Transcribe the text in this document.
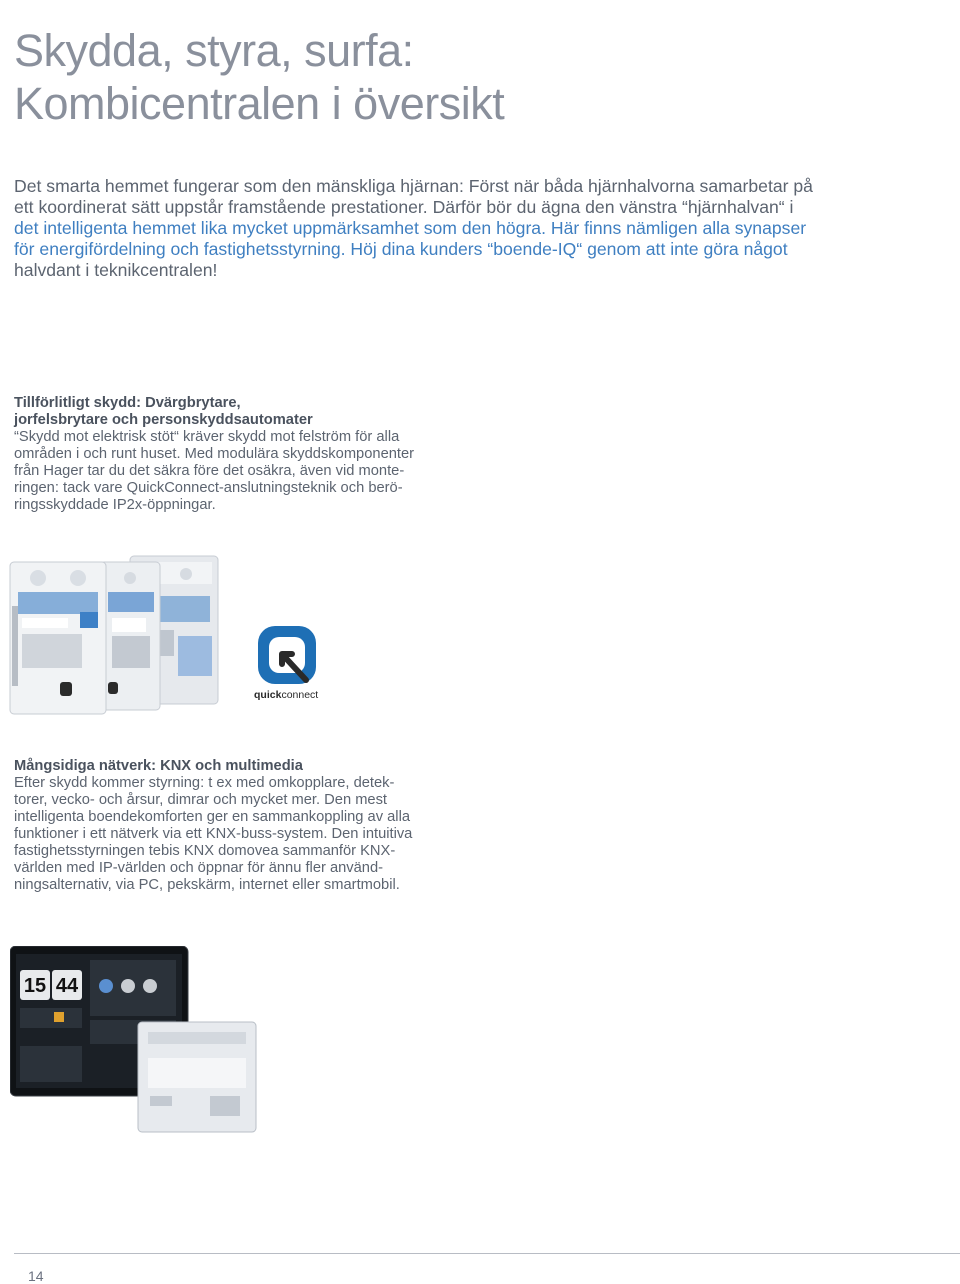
Skydda, styra, surfa:
Kombicentralen i översikt
Det smarta hemmet fungerar som den mänskliga hjärnan: Först när båda hjärnhalvorna samarbetar på
ett koordinerat sätt uppstår framstående prestationer. Därför bör du ägna den vänstra “hjärnhalvan“ i
det intelligenta hemmet lika mycket uppmärksamhet som den högra. Här finns nämligen alla synapser
för energifördelning och fastighetsstyrning. Höj dina kunders “boende-IQ“ genom att inte göra något
halvdant i teknikcentralen!
Tillförlitligt skydd: Dvärgbrytare,
jorfelsbrytare och personskyddsautomater
“Skydd mot elektrisk stöt“ kräver skydd mot felström för alla
områden i och runt huset. Med modulära skyddskomponenter
från Hager tar du det säkra före det osäkra, även vid monte-
ringen: tack vare QuickConnect-anslutningsteknik och berö-
ringsskyddade IP2x-öppningar.
quickconnect
Mångsidiga nätverk: KNX och multimedia
Efter skydd kommer styrning: t ex med omkopplare, detek-
torer, vecko- och årsur, dimrar och mycket mer. Den mest
intelligenta boendekomforten ger en sammankoppling av alla
funktioner i ett nätverk via ett KNX-buss-system. Den intuitiva
fastighetsstyrningen tebis KNX domovea sammanför KNX-
världen med IP-världen och öppnar för ännu fler använd-
ningsalternativ, via PC, pekskärm, internet eller smartmobil.
15 44
14
